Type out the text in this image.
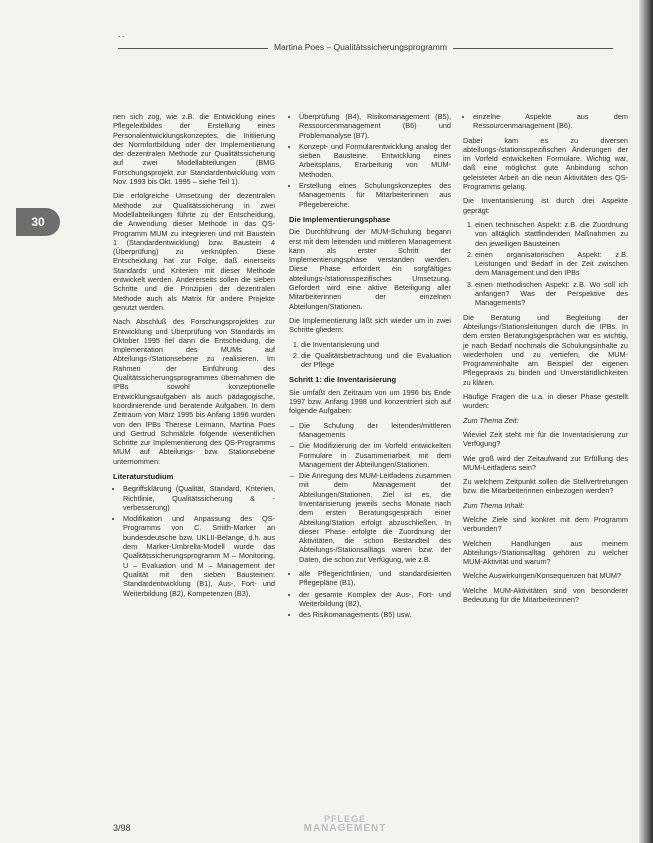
- -
Martina Poes – Qualitätssicherungsprogramm
30

nen sich zog, wie z.B. die Entwicklung eines Pflegeleitbildes der Erstellung eines Personalentwicklungskonzeptes, die Initiierung der Normfortbildung oder der Implementierung der dezentralen Methode zur Qualitätssicherung auf zwei Modellabteilungen (BMG Forschungsprojekt zur Standardentwicklung vom Nov. 1993 bis Okt. 1995 – siehe Teil 1).

Die erfolgreiche Umsetzung der dezentralen Methode zur Qualitätssicherung in zwei Modellabteilungen führte zu der Entscheidung, die Anwendung dieser Methode in das QS-Programm MUM zu integrieren und mit Baustein 1 (Standardentwicklung) bzw. Baustein 4 (Überprüfung) zu verknüpfen. Diese Entscheidung hat zur Folge, daß einerseits Standards und Kriterien mit dieser Methode entwickelt werden. Andererseits sollen die sieben Schritte und die Prinzipien der dezentralen Methode auch als Matrix für andere Projekte genutzt werden.

Nach Abschluß des Forschungsprojektes zur Entwicklung und Überprüfung von Standards im Oktober 1995 fiel dann die Entscheidung, die Implementation des MUMs auf Abteilungs-/Stationsebene zu realisieren. Im Rahmen der Einführung des Qualitätssicherungsprogrammes übernahmen die IPBs sowohl konzeptionelle Entwicklungsaufgaben als auch pädagogische, koordinierende und beratende Aufgaben. In dem Zeitraum von März 1995 bis Anfang 1996 wurden von den IPBs Therese Leimann, Martina Poes und Gertrud Schmälzle folgende wesentlichen Schritte zur Implementierung des QS-Programms MUM auf Abteilungs- bzw. Stationsebene unternommen:

Literaturstudium
• Begriffsklärung (Qualität, Standard, Kriterien, Richtlinie, Qualitätssicherung & -verbesserung)
• Modifikation und Anpassung des QS-Programms von C. Smith-Marker an bundesdeutsche bzw. UKLII-Belange, d.h. aus dem Marker-Umbrella-Modell wurde das Qualitätssicherungsprogramm M – Monitoring, U – Evaluation und M – Management der Qualität mit den sieben Bausteinen: Standardentwicklung (B1), Aus-, Fort- und Weiterbildung (B2), Kompetenzen (B3),
• Überprüfung (B4), Risikomanagement (B5), Ressourcenmanagement (B6) und Problemanalyse (B7).
• Konzept- und Formularentwicklung analog der sieben Bausteine. Entwicklung eines Arbeitsplans, Erarbeitung von MUM-Methoden.
• Erstellung eines Schulungskonzeptes des Managements für Mitarbeiterinnen aus Pflegebereiche.
Die Implementierungsphase

Die Durchführung der MUM-Schulung begann erst mit dem leitenden und mittleren Management kann als erster Schritt der Implementierungsphase verstanden werden. Diese Phase erfordert ein sorgfältiges abteilungs-/stationsspezifisches Umsetzung. Gefordert wird eine aktive Beteiligung aller Mitarbeiterinnen der einzelnen Abteilungen/Stationen.

Die Implementierung läßt sich wieder um in zwei Schritte gliedern:

1. die Inventarisierung und
2. die Qualitätsbetrachtung und die Evaluation der Pflege
Schritt 1: die Inventarisierung

Sie umfaßt den Zeitraum von um 1996 bis Ende 1997 bzw. Anfang 1998 und konzentriert sich auf folgende Aufgaben:

– Die Schulung der leitenden/mittleren Managements
– Die Modifizierung der im Vorfeld entwickelten Formulare in Zusammenarbeit mit dem Management der Abteilungen/Stationen.
– Die Anregung des MUM-Leitfadens zusammen mit dem Management der Abteilungen/Stationen. Ziel ist es, die Inventarisierung jeweils sechs Monate nach dem ersten Beratungsgespräch einer Abteilung/Station erfolgt abzuschließen. In dieser Phase erfolgte die Zuordnung der Aktivitäten, die schon Bestandteil des Abteilungs-/Stationsalltags waren bzw. der Daten, die schon zur Verfügung, wie z.B.
• alle Pflegerichtlinien, und standardisierten Pflegepläne (B1),
• der gesamte Komplex der Aus-, Fort- und Weiterbildung (B2),
• des Risikomanagements (B5) usw.
• einzelne Aspekte aus dem Ressourcenmanagement (B6).

Dabei kam es zu diversen abteilungs-/stationsspezifischen Änderungen der im Vorfeld entwickelten Formulare. Wichtig war, daß eine möglichst gute Anbindung schon geleisteter Arbeit an die neun Aktivitäten des QS-Programms gelang.

Die Inventarisierung ist durch drei Aspekte geprägt:

1. einen technischen Aspekt: z.B. die Zuordnung von alltäglich stattfindenden Maßnahmen zu den jeweiligen Bausteinen
2. einen organisatorischen Aspekt: z.B. Leistungen und Bedarf in der Zeit zwischen dem Management und den IPBs
3. einen methodischen Aspekt: z.B. Wo soll ich anfangen? Was der Perspektive des Managements?

Die Beratung und Begleitung der Abteilungs-/Stationsleitungen durch die IPBs. In dem ersten Beratungsgesprächen war es wichtig, je nach Bedarf nochmals die Schulungsinhalte zu wiederholen und zu vertiefen, die MUM-Programminhalte am Beispiel der eigenen Pflegepraxis zu binden und Unverständlichkeiten zu klären.

Häufige Fragen die u.a. in dieser Phase gestellt wurden:

Zum Thema Zeit:

Wieviel Zeit steht mir für die Inventarisierung zur Verfügung?

Wie groß wird der Zeitaufwand zur Erfüllung des MUM-Leitfadens sein?

Zu welchem Zeitpunkt sollen die Stellvertretungen bzw. die Mitarbeiterinnen einbezogen werden?

Zum Thema Inhalt:

Welche Ziele sind konkret mit dem Programm verbunden?

Welchen Handlungen aus meinem Abteilungs-/Stationsalltag gehören zu welcher MUM-Aktivität und warum?

Welche Auswirkungen/Konsequenzen hat MUM?

Welche MUM-Aktivitäten sind von besonderer Bedeutung für die Mitarbeiterinnen?

3/98
PFLEGE
MANAGEMENT
